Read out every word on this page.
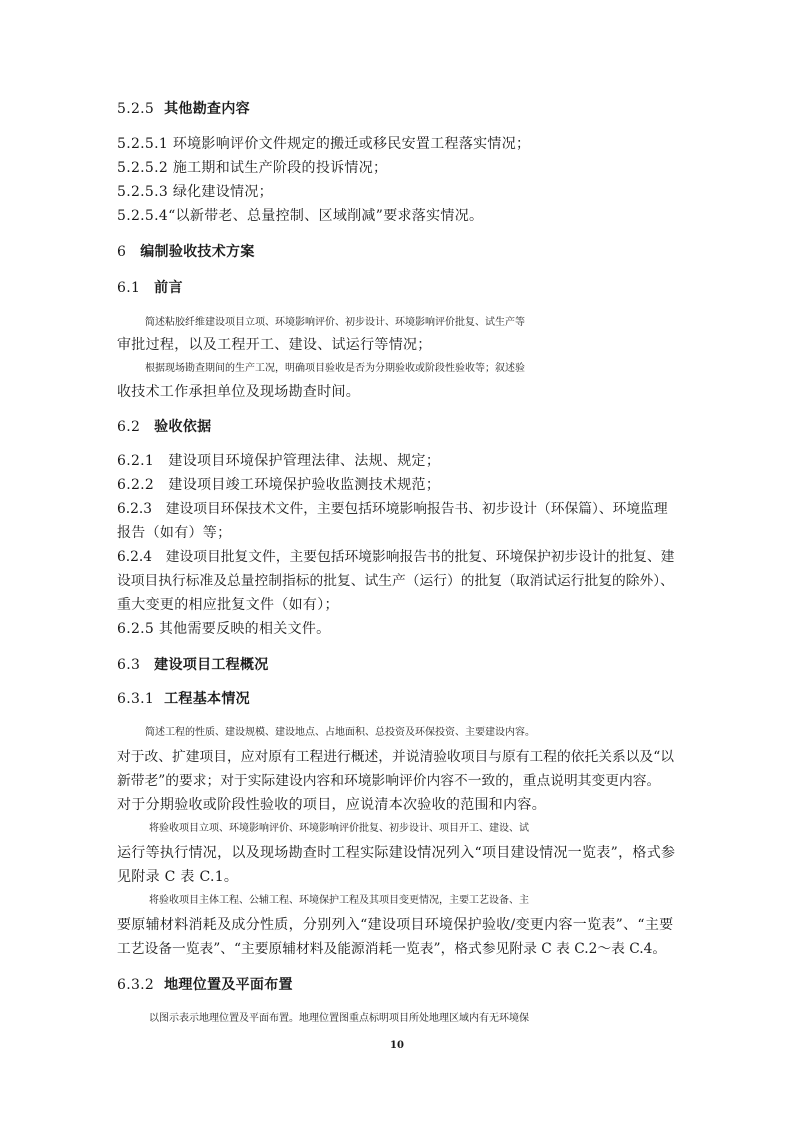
5.2.5 其他勘查内容
5.2.5.1 环境影响评价文件规定的搬迁或移民安置工程落实情况；
5.2.5.2 施工期和试生产阶段的投诉情况；
5.2.5.3 绿化建设情况；
5.2.5.4“以新带老、总量控制、区域削减”要求落实情况。
6 编制验收技术方案
6.1 前言
简述粘胶纤维建设项目立项、环境影响评价、初步设计、环境影响评价批复、试生产等
审批过程，以及工程开工、建设、试运行等情况；
根据现场勘查期间的生产工况，明确项目验收是否为分期验收或阶段性验收等；叙述验
收技术工作承担单位及现场勘查时间。
6.2 验收依据
6.2.1　建设项目环境保护管理法律、法规、规定；
6.2.2　建设项目竣工环境保护验收监测技术规范；
6.2.3　建设项目环保技术文件，主要包括环境影响报告书、初步设计（环保篇）、环境监理
报告（如有）等；
6.2.4　建设项目批复文件，主要包括环境影响报告书的批复、环境保护初步设计的批复、建
设项目执行标准及总量控制指标的批复、试生产（运行）的批复（取消试运行批复的除外）、
重大变更的相应批复文件（如有）；
6.2.5 其他需要反映的相关文件。
6.3 建设项目工程概况
6.3.1 工程基本情况
简述工程的性质、建设规模、建设地点、占地面积、总投资及环保投资、主要建设内容。
对于改、扩建项目，应对原有工程进行概述，并说清验收项目与原有工程的依托关系以及“以
新带老”的要求；对于实际建设内容和环境影响评价内容不一致的，重点说明其变更内容。
对于分期验收或阶段性验收的项目，应说清本次验收的范围和内容。
将验收项目立项、环境影响评价、环境影响评价批复、初步设计、项目开工、建设、试
运行等执行情况，以及现场勘查时工程实际建设情况列入“项目建设情况一览表”，格式参
见附录 C 表 C.1。
将验收项目主体工程、公辅工程、环境保护工程及其项目变更情况，主要工艺设备、主
要原辅材料消耗及成分性质，分别列入“建设项目环境保护验收/变更内容一览表”、“主要
工艺设备一览表”、“主要原辅材料及能源消耗一览表”，格式参见附录 C 表 C.2～表 C.4。
6.3.2 地理位置及平面布置
以图示表示地理位置及平面布置。地理位置图重点标明项目所处地理区域内有无环境保
10
